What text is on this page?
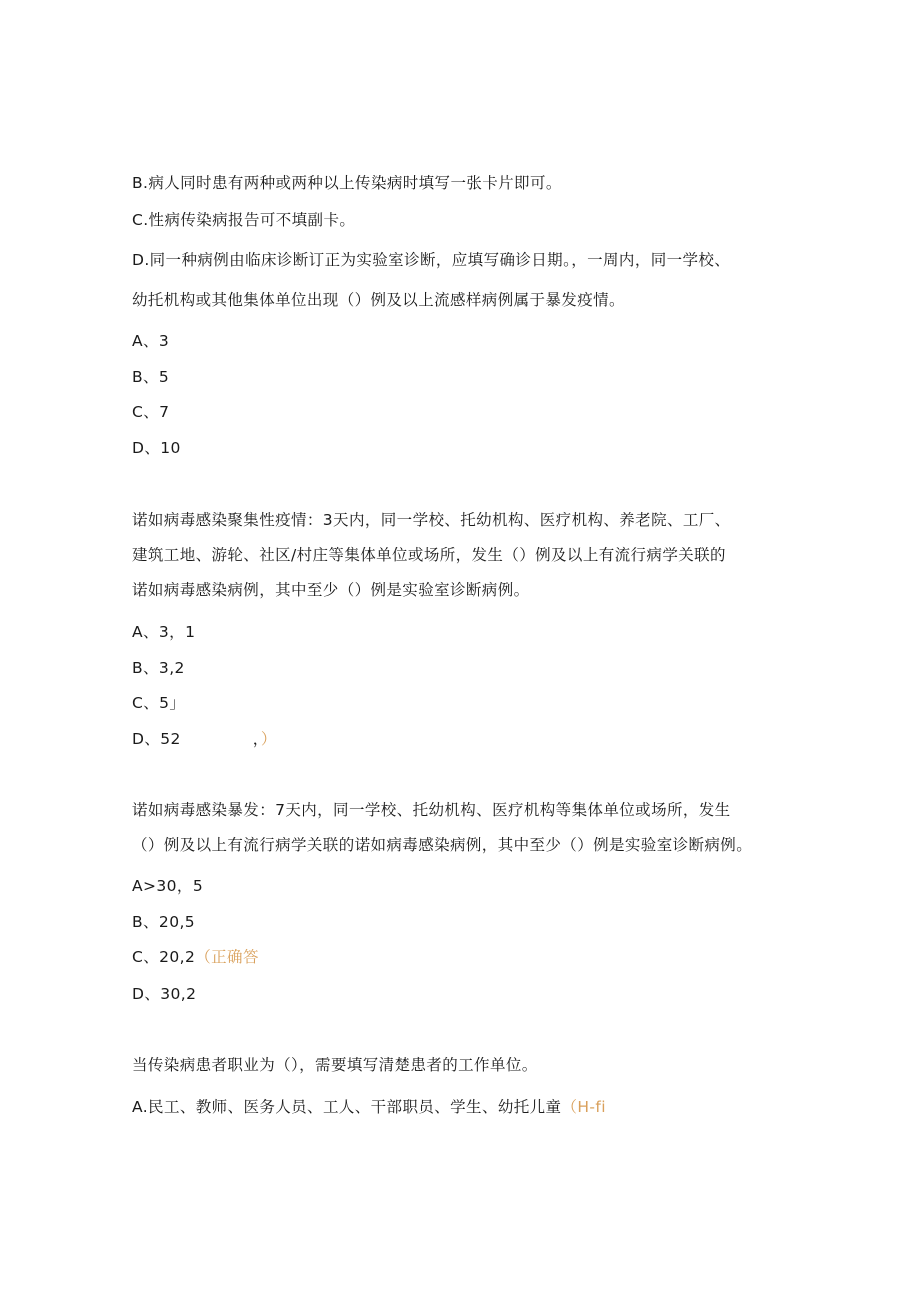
B.病人同时患有两种或两种以上传染病时填写一张卡片即可。
C.性病传染病报告可不填副卡。
D.同一种病例由临床诊断订正为实验室诊断，应填写确诊日期。，一周内，同一学校、
幼托机构或其他集体单位出现（）例及以上流感样病例属于暴发疫情。
A、3
B、5
C、7
D、10
诺如病毒感染聚集性疫情：3天内，同一学校、托幼机构、医疗机构、养老院、工厂、
建筑工地、游轮、社区/村庄等集体单位或场所，发生（）例及以上有流行病学关联的
诺如病毒感染病例，其中至少（）例是实验室诊断病例。
A、3，1
B、3,2
C、5」
D、52	，）
诺如病毒感染暴发：7天内，同一学校、托幼机构、医疗机构等集体单位或场所，发生
（）例及以上有流行病学关联的诺如病毒感染病例，其中至少（）例是实验室诊断病例。
A>30，5
B、20,5
C、20,2（正确答
D、30,2
当传染病患者职业为（），需要填写清楚患者的工作单位。
A.民工、教师、医务人员、工人、干部职员、学生、幼托儿童（H-fi
